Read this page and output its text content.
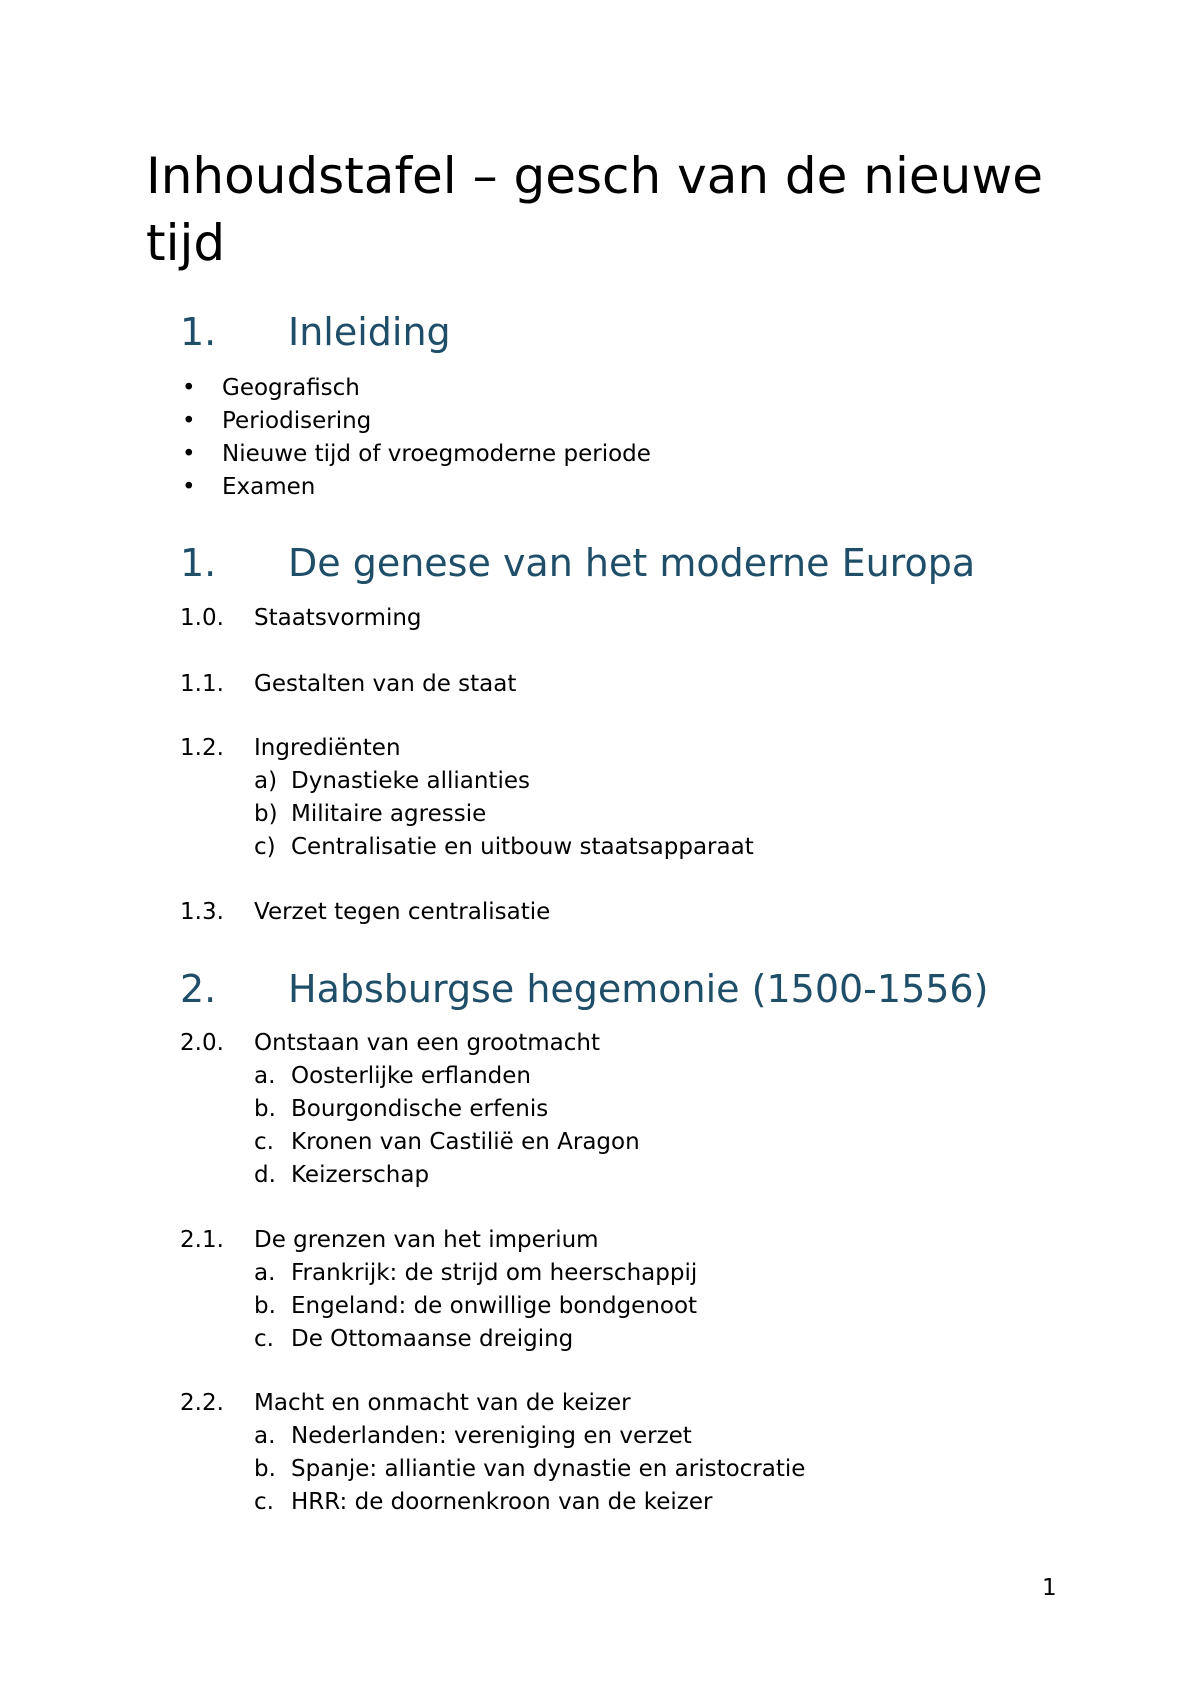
Inhoudstafel – gesch van de nieuwe tijd
1. Inleiding
• Geografisch
• Periodisering
• Nieuwe tijd of vroegmoderne periode
• Examen
1. De genese van het moderne Europa
1.0. Staatsvorming
1.1. Gestalten van de staat
1.2. Ingrediënten
a) Dynastieke allianties
b) Militaire agressie
c) Centralisatie en uitbouw staatsapparaat
1.3. Verzet tegen centralisatie
2. Habsburgse hegemonie (1500-1556)
2.0. Ontstaan van een grootmacht
a. Oosterlijke erflanden
b. Bourgondische erfenis
c. Kronen van Castilië en Aragon
d. Keizerschap
2.1. De grenzen van het imperium
a. Frankrijk: de strijd om heerschappij
b. Engeland: de onwillige bondgenoot
c. De Ottomaanse dreiging
2.2. Macht en onmacht van de keizer
a. Nederlanden: vereniging en verzet
b. Spanje: alliantie van dynastie en aristocratie
c. HRR: de doornenkroon van de keizer
1
